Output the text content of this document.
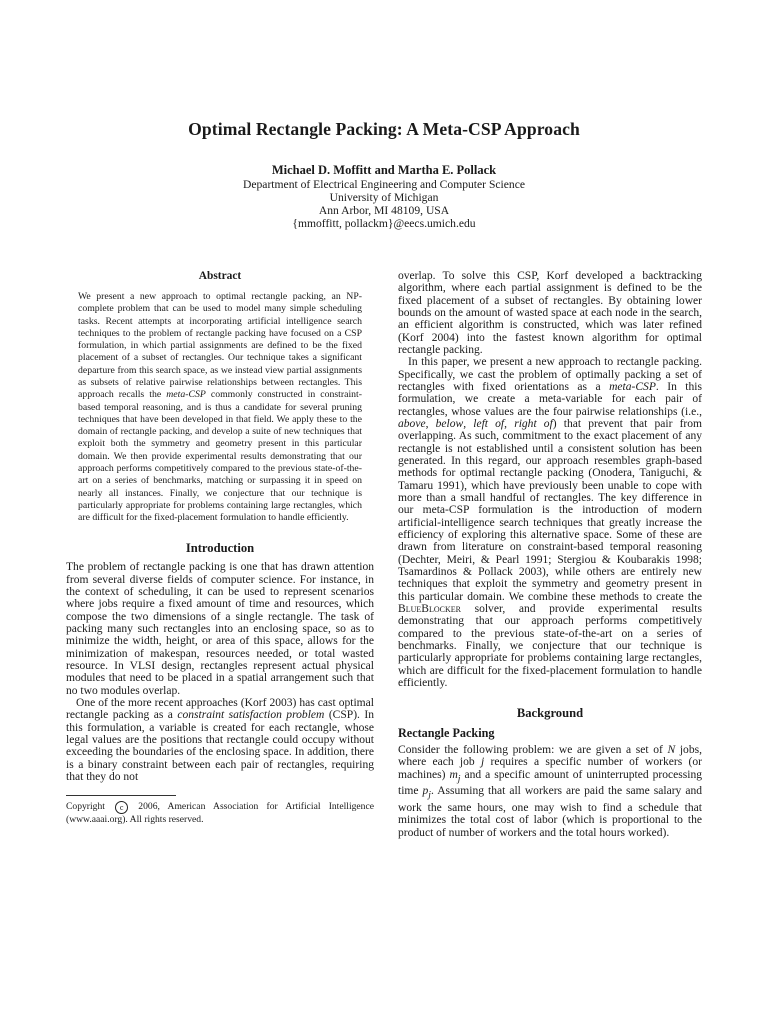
Optimal Rectangle Packing: A Meta-CSP Approach
Michael D. Moffitt and Martha E. Pollack
Department of Electrical Engineering and Computer Science
University of Michigan
Ann Arbor, MI 48109, USA
{mmoffitt, pollackm}@eecs.umich.edu
Abstract

We present a new approach to optimal rectangle packing, an NP-complete problem that can be used to model many simple scheduling tasks. Recent attempts at incorporating artificial intelligence search techniques to the problem of rectangle packing have focused on a CSP formulation, in which partial assignments are defined to be the fixed placement of a subset of rectangles. Our technique takes a significant departure from this search space, as we instead view partial assignments as subsets of relative pairwise relationships between rectangles. This approach recalls the meta-CSP commonly constructed in constraint-based temporal reasoning, and is thus a candidate for several pruning techniques that have been developed in that field. We apply these to the domain of rectangle packing, and develop a suite of new techniques that exploit both the symmetry and geometry present in this particular domain. We then provide experimental results demonstrating that our approach performs competitively compared to the previous state-of-the-art on a series of benchmarks, matching or surpassing it in speed on nearly all instances. Finally, we conjecture that our technique is particularly appropriate for problems containing large rectangles, which are difficult for the fixed-placement formulation to handle efficiently.

Introduction

The problem of rectangle packing is one that has drawn attention from several diverse fields of computer science. For instance, in the context of scheduling, it can be used to represent scenarios where jobs require a fixed amount of time and resources, which compose the two dimensions of a single rectangle. The task of packing many such rectangles into an enclosing space, so as to minimize the width, height, or area of this space, allows for the minimization of makespan, resources needed, or total wasted resource. In VLSI design, rectangles represent actual physical modules that need to be placed in a spatial arrangement such that no two modules overlap.

One of the more recent approaches (Korf 2003) has cast optimal rectangle packing as a constraint satisfaction problem (CSP). In this formulation, a variable is created for each rectangle, whose legal values are the positions that rectangle could occupy without exceeding the boundaries of the enclosing space. In addition, there is a binary constraint between each pair of rectangles, requiring that they do not

Copyright c 2006, American Association for Artificial Intelligence (www.aaai.org). All rights reserved.

overlap. To solve this CSP, Korf developed a backtracking algorithm, where each partial assignment is defined to be the fixed placement of a subset of rectangles. By obtaining lower bounds on the amount of wasted space at each node in the search, an efficient algorithm is constructed, which was later refined (Korf 2004) into the fastest known algorithm for optimal rectangle packing.

In this paper, we present a new approach to rectangle packing. Specifically, we cast the problem of optimally packing a set of rectangles with fixed orientations as a meta-CSP. In this formulation, we create a meta-variable for each pair of rectangles, whose values are the four pairwise relationships (i.e., above, below, left of, right of) that prevent that pair from overlapping. As such, commitment to the exact placement of any rectangle is not established until a consistent solution has been generated. In this regard, our approach resembles graph-based methods for optimal rectangle packing (Onodera, Taniguchi, & Tamaru 1991), which have previously been unable to cope with more than a small handful of rectangles. The key difference in our meta-CSP formulation is the introduction of modern artificial-intelligence search techniques that greatly increase the efficiency of exploring this alternative space. Some of these are drawn from literature on constraint-based temporal reasoning (Dechter, Meiri, & Pearl 1991; Stergiou & Koubarakis 1998; Tsamardinos & Pollack 2003), while others are entirely new techniques that exploit the symmetry and geometry present in this particular domain. We combine these methods to create the BlueBlocker solver, and provide experimental results demonstrating that our approach performs competitively compared to the previous state-of-the-art on a series of benchmarks. Finally, we conjecture that our technique is particularly appropriate for problems containing large rectangles, which are difficult for the fixed-placement formulation to handle efficiently.

Background
Rectangle Packing

Consider the following problem: we are given a set of N jobs, where each job j requires a specific number of workers (or machines) $m_j$ and a specific amount of uninterrupted processing time $p_j$. Assuming that all workers are paid the same salary and work the same hours, one may wish to find a schedule that minimizes the total cost of labor (which is proportional to the product of number of workers and the total hours worked).
